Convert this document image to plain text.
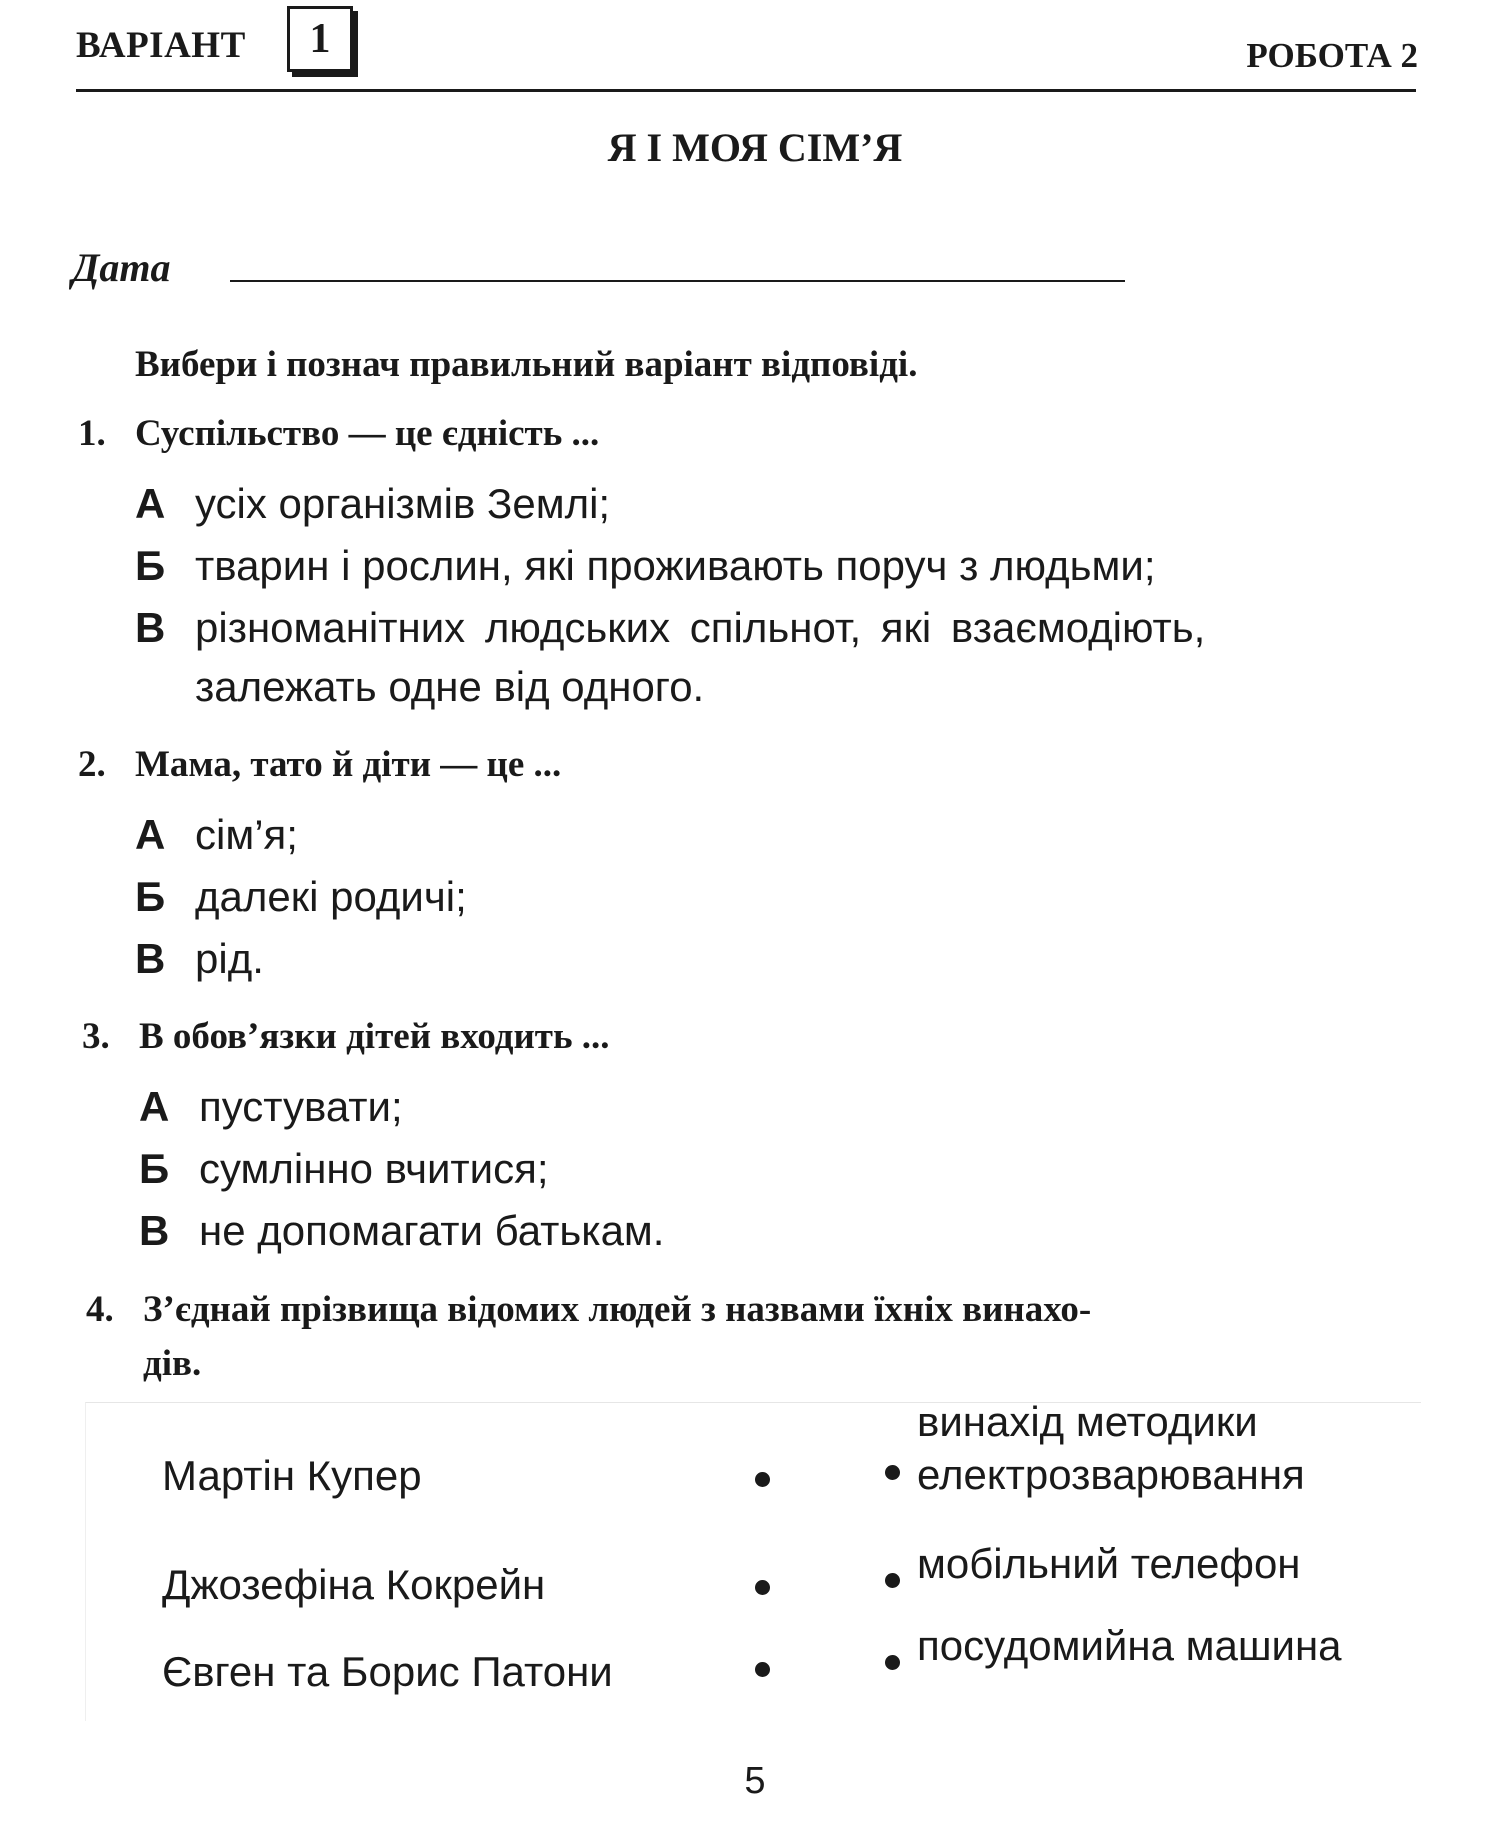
ВАРІАНТ	1	РОБОТА 2
Я І МОЯ СІМ’Я
Дата
Вибери і познач правильний варіант відповіді.
1. Суспільство — це єдність ...
А усіх організмів Землі;
Б тварин і рослин, які проживають поруч з людьми;
В різноманітних людських спільнот, які взаємодіють,
залежать одне від одного.
2. Мама, тато й діти — це ...
А сім’я;
Б далекі родичі;
В рід.
3. В обов’язки дітей входить ...
А пустувати;
Б сумлінно вчитися;
В не допомагати батькам.
4. З’єднай прізвища відомих людей з назвами їхніх винахо-
дів.
Мартін Купер
Джозефіна Кокрейн
Євген та Борис Патони
винахід методики
електрозварювання
мобільний телефон
посудомийна машина
5
